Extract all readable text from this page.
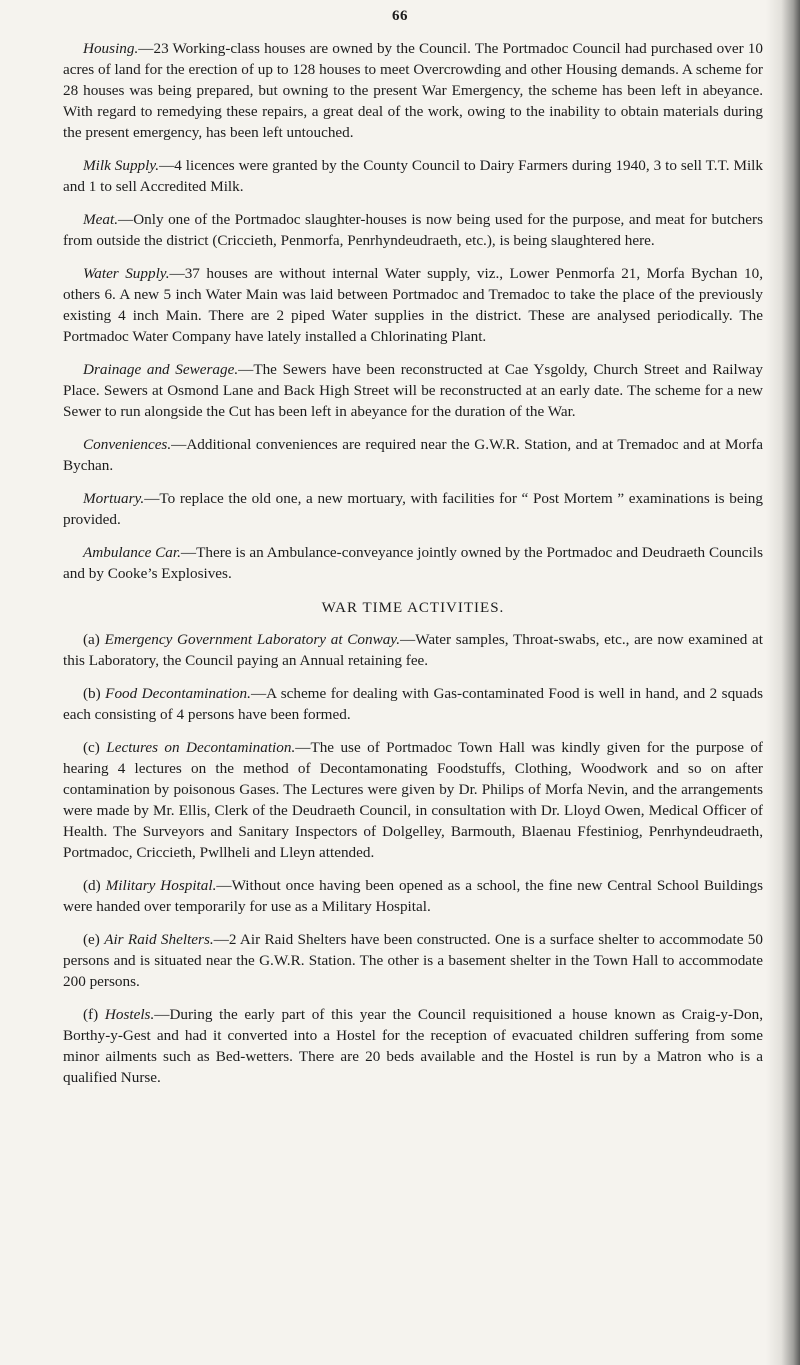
66

Housing.—23 Working-class houses are owned by the Council. The Portmadoc Council had purchased over 10 acres of land for the erection of up to 128 houses to meet Overcrowding and other Housing demands. A scheme for 28 houses was being prepared, but owning to the present War Emergency, the scheme has been left in abeyance. With regard to remedying these repairs, a great deal of the work, owing to the inability to obtain materials during the present emergency, has been left untouched.

Milk Supply.—4 licences were granted by the County Council to Dairy Farmers during 1940, 3 to sell T.T. Milk and 1 to sell Accredited Milk.

Meat.—Only one of the Portmadoc slaughter-houses is now being used for the purpose, and meat for butchers from outside the district (Criccieth, Penmorfa, Penrhyndeudraeth, etc.), is being slaughtered here.

Water Supply.—37 houses are without internal Water supply, viz., Lower Penmorfa 21, Morfa Bychan 10, others 6. A new 5 inch Water Main was laid between Portmadoc and Tremadoc to take the place of the previously existing 4 inch Main. There are 2 piped Water supplies in the district. These are analysed periodically. The Portmadoc Water Company have lately installed a Chlorinating Plant.

Drainage and Sewerage.—The Sewers have been reconstructed at Cae Ysgoldy, Church Street and Railway Place. Sewers at Osmond Lane and Back High Street will be reconstructed at an early date. The scheme for a new Sewer to run alongside the Cut has been left in abeyance for the duration of the War.

Conveniences.—Additional conveniences are required near the G.W.R. Station, and at Tremadoc and at Morfa Bychan.

Mortuary.—To replace the old one, a new mortuary, with facilities for “ Post Mortem ” examinations is being provided.

Ambulance Car.—There is an Ambulance-conveyance jointly owned by the Portmadoc and Deudraeth Councils and by Cooke’s Explosives.

WAR TIME ACTIVITIES.

(a) Emergency Government Laboratory at Conway.—Water samples, Throat-swabs, etc., are now examined at this Laboratory, the Council paying an Annual retaining fee.

(b) Food Decontamination.—A scheme for dealing with Gas-contaminated Food is well in hand, and 2 squads each consisting of 4 persons have been formed.

(c) Lectures on Decontamination.—The use of Portmadoc Town Hall was kindly given for the purpose of hearing 4 lectures on the method of Decontamonating Foodstuffs, Clothing, Woodwork and so on after contamination by poisonous Gases. The Lectures were given by Dr. Philips of Morfa Nevin, and the arrangements were made by Mr. Ellis, Clerk of the Deudraeth Council, in consultation with Dr. Lloyd Owen, Medical Officer of Health. The Surveyors and Sanitary Inspectors of Dolgelley, Barmouth, Blaenau Ffestiniog, Penrhyndeudraeth, Portmadoc, Criccieth, Pwllheli and Lleyn attended.

(d) Military Hospital.—Without once having been opened as a school, the fine new Central School Buildings were handed over temporarily for use as a Military Hospital.

(e) Air Raid Shelters.—2 Air Raid Shelters have been constructed. One is a surface shelter to accommodate 50 persons and is situated near the G.W.R. Station. The other is a basement shelter in the Town Hall to accommodate 200 persons.

(f) Hostels.—During the early part of this year the Council requisitioned a house known as Craig-y-Don, Borthy-y-Gest and had it converted into a Hostel for the reception of evacuated children suffering from some minor ailments such as Bed-wetters. There are 20 beds available and the Hostel is run by a Matron who is a qualified Nurse.
